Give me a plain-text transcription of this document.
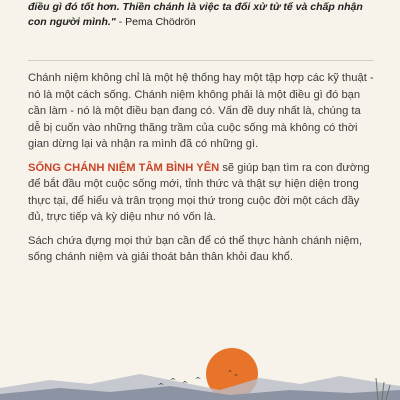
điều gì đó tốt hơn. Thiền chánh là việc ta đối xử tử tế và chấp nhận
con người mình." - Pema Chödrön

Chánh niệm không chỉ là một hệ thống hay một tập hợp các kỹ thuật - nó là một cách sống. Chánh niệm không phải là một điều gì đó bạn cần làm - nó là một điều bạn đang có. Vấn đề duy nhất là, chúng ta dễ bị cuốn vào những thăng trầm của cuộc sống mà không có thời gian dừng lại và nhận ra mình đã có những gì.

SỐNG CHÁNH NIỆM TÂM BÌNH YÊN sẽ giúp bạn tìm ra con đường để bắt đầu một cuộc sống mới, tỉnh thức và thật sự hiện diện trong thực tại, để hiểu và trân trọng mọi thứ trong cuộc đời một cách đầy đủ, trực tiếp và kỳ diệu như nó vốn là.

Sách chứa đựng mọi thứ bạn cần để có thể thực hành chánh niệm, sống chánh niệm và giải thoát bản thân khỏi đau khổ.
